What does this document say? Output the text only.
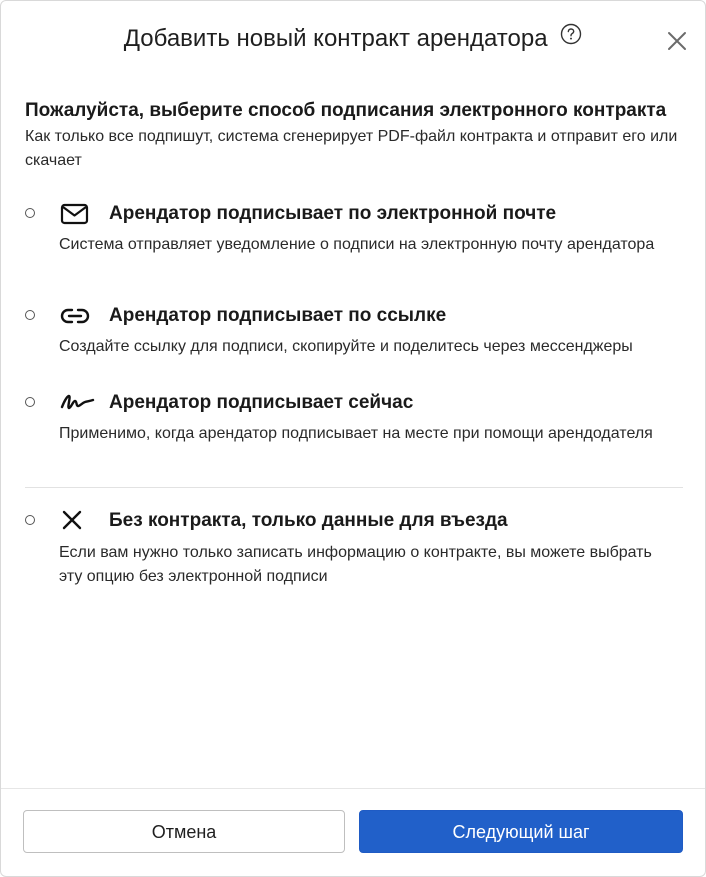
Добавить новый контракт арендатора
Пожалуйста, выберите способ подписания электронного контракта
Как только все подпишут, система сгенерирует PDF-файл контракта и отправит его или скачает
Арендатор подписывает по электронной почте
Система отправляет уведомление о подписи на электронную почту арендатора
Арендатор подписывает по ссылке
Создайте ссылку для подписи, скопируйте и поделитесь через мессенджеры
Арендатор подписывает сейчас
Применимо, когда арендатор подписывает на месте при помощи арендодателя
Без контракта, только данные для въезда
Если вам нужно только записать информацию о контракте, вы можете выбрать эту опцию без электронной подписи
Отмена	Следующий шаг
